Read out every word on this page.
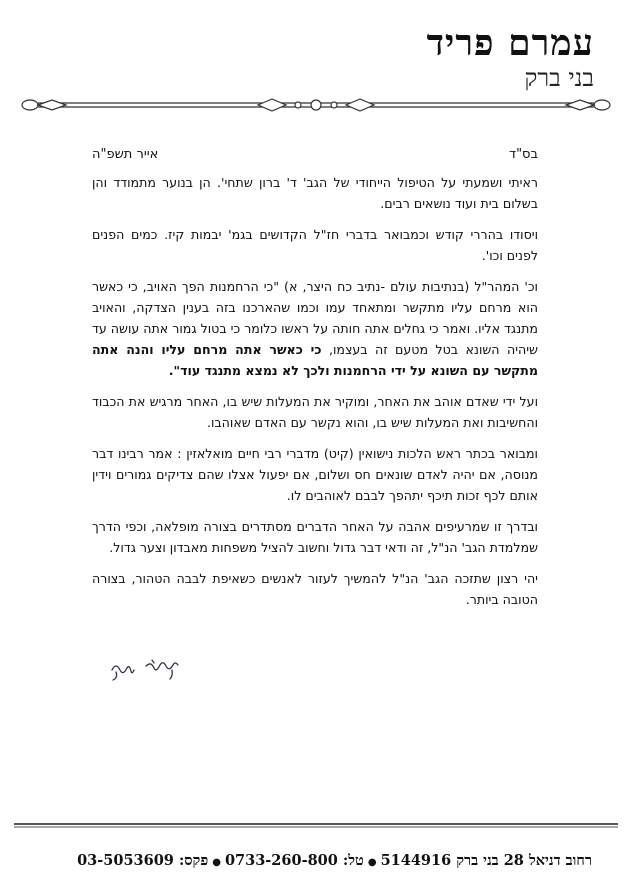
עמרם פריד
בני ברק
בס"ד
אייר תשפ"ה

ראיתי ושמעתי על הטיפול הייחודי של הגב' ד' ברון שתחי'. הן בנוער מתמודד והן בשלום בית ועוד נושאים רבים.

ויסודו בהררי קודש וכמבואר בדברי חז"ל הקדושים בגמ' יבמות קיז. כמים הפנים לפנים וכו'.

וכ' המהר"ל (בנתיבות עולם -נתיב כח היצר, א) "כי הרחמנות הפך האויב, כי כאשר הוא מרחם עליו מתקשר ומתאחד עמו וכמו שהארכנו בזה בענין הצדקה, והאויב מתנגד אליו. ואמר כי גחלים אתה חותה על ראשו כלומר כי בטול גמור אתה עושה עד שיהיה השונא בטל מטעם זה בעצמו, כי כאשר אתה מרחם עליו והנה אתה מתקשר עם השונא על ידי הרחמנות ולכך לא נמצא מתנגד עוד".

ועל ידי שאדם אוהב את האחר, ומוקיר את המעלות שיש בו, האחר מרגיש את הכבוד והחשיבות ואת המעלות שיש בו, והוא נקשר עם האדם שאוהבו.

ומבואר בכתר ראש הלכות נישואין (קיט) מדברי רבי חיים מואלאזין : אמר רבינו דבר מנוסה, אם יהיה לאדם שונאים חס ושלום, אם יפעול אצלו שהם צדיקים גמורים וידין אותם לכף זכות תיכף יתהפך לבבם לאוהבים לו.

ובדרך זו שמרעיפים אהבה על האחר הדברים מסתדרים בצורה מופלאה, וכפי הדרך שמלמדת הגב' הנ"ל, זה ודאי דבר גדול וחשוב להציל משפחות מאבדון וצער גדול.

יהי רצון שתזכה הגב' הנ"ל להמשיך לעזור לאנשים כשאיפת לבבה הטהור, בצורה הטובה ביותר.

רחוב דניאל 28 בני ברק 5144916●טל: 0733-260-800●פקס: 03-5053609
